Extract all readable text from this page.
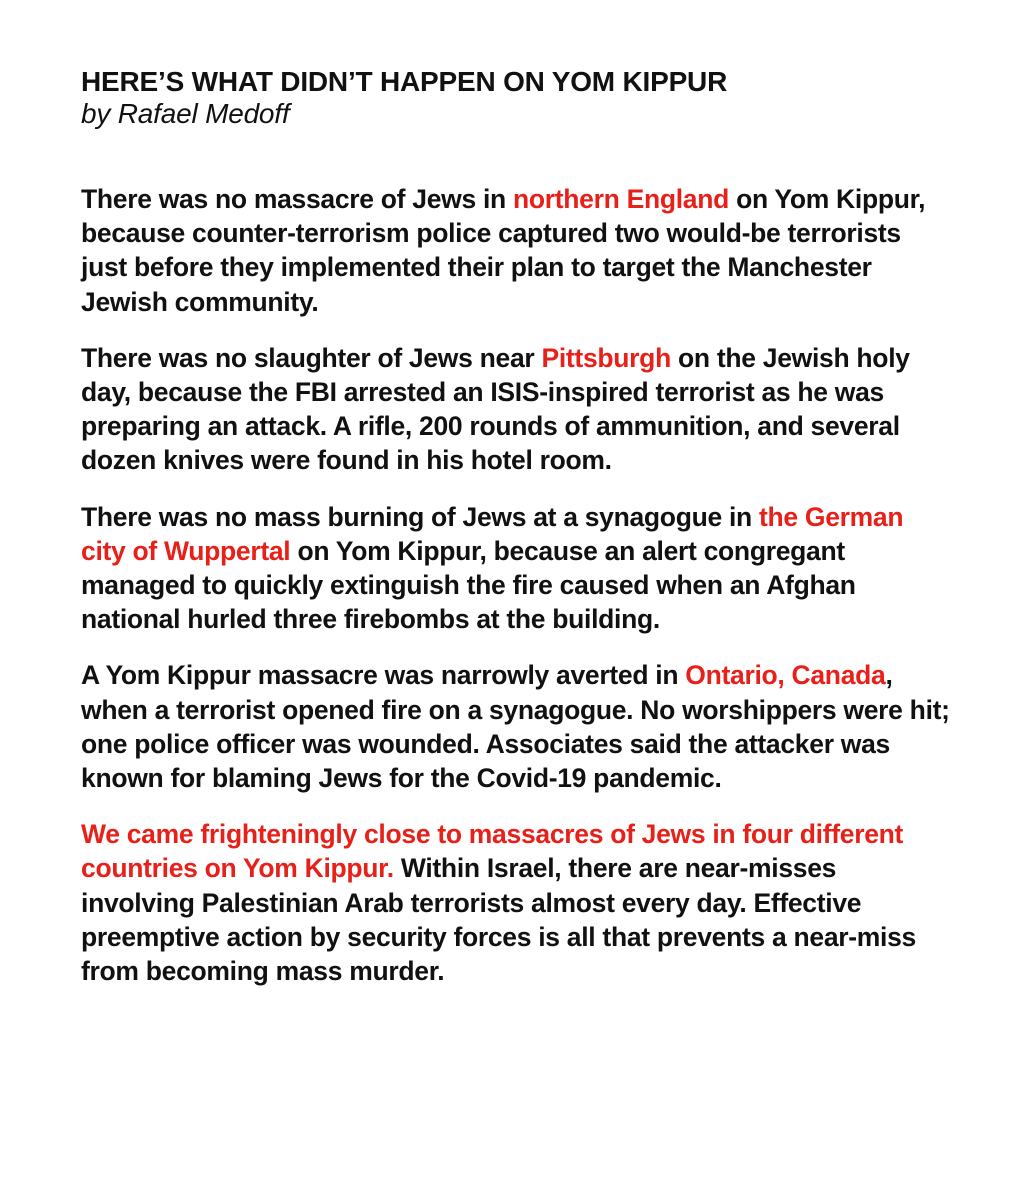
HERE’S WHAT DIDN’T HAPPEN ON YOM KIPPUR

by Rafael Medoff

There was no massacre of Jews in northern England on Yom Kippur, because counter-terrorism police captured two would-be terrorists just before they implemented their plan to target the Manchester Jewish community.

There was no slaughter of Jews near Pittsburgh on the Jewish holy day, because the FBI arrested an ISIS-inspired terrorist as he was preparing an attack. A rifle, 200 rounds of ammunition, and several dozen knives were found in his hotel room.

There was no mass burning of Jews at a synagogue in the German city of Wuppertal on Yom Kippur, because an alert congregant managed to quickly extinguish the fire caused when an Afghan national hurled three firebombs at the building.

A Yom Kippur massacre was narrowly averted in Ontario, Canada, when a terrorist opened fire on a synagogue. No worshippers were hit; one police officer was wounded. Associates said the attacker was known for blaming Jews for the Covid-19 pandemic.

We came frighteningly close to massacres of Jews in four different countries on Yom Kippur. Within Israel, there are near-misses involving Palestinian Arab terrorists almost every day. Effective preemptive action by security forces is all that prevents a near-miss from becoming mass murder.
